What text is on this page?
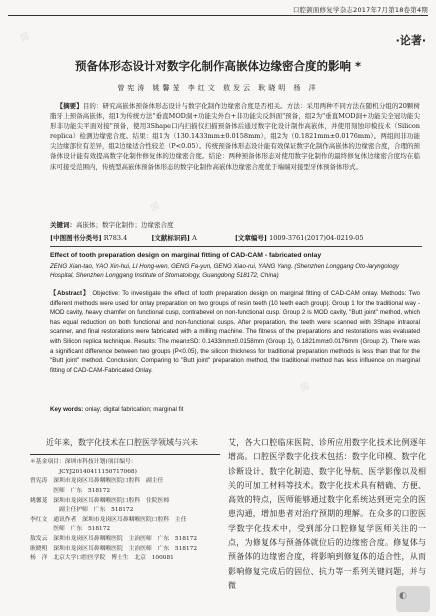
⊠
⊠
⊠
口腔颌面修复学杂志2017年7月第18卷第4期
·论著·
预备体形态设计对数字化制作高嵌体边缘密合度的影响 *
曾宪涛 姚馨茏 李红文 敖发云 耿晓明 杨 洋
【摘要】目的：研究高嵌体预备体形态设计与数字化制作边缘密合度是否相关。方法：采用两种不同方法在随机分组的20颗树脂牙上预备高嵌体，组1为传统方法"垂直MOD洞+功能尖外台+非功能尖反斜面"预备，组2为"垂直MOD洞+功能尖全冠功能尖形非功能尖平面对接"预备，使用3Shape口内扫描仪扫描预备体后通过数字化设计制作高嵌体，并使用刻蚀印模技术（Silicon replica）检测边缘密合度。结果：组1为（130.1433mm±0.0158mm），组2为（0.1821mm±0.0176mm）。两组间非功能尖边缘部位有差异，组2边缘适合性较差（P<0.05）。传统预备体形态设计能有效保证数字化制作高嵌体的边缘密合度，合理的预备体设计能有效提高数字化制作修复体的边缘密合度。结论：两种预备体形态对使用数字化制作的最终修复体边缘密合度均在临床可接受范围内，传统型高嵌体预备体形态的数字化制作高嵌体边缘密合度优于端端对接型牙体预备体形式。
关键词：高嵌体；数字化制作；边缘密合度
[中图图书分类号] R783.4	[文献标识码] A	[文章编号] 1009-3761(2017)04-0219-05
Effect of tooth preparation design on marginal fitting of CAD-CAM - fabricated onlay
ZENG Xian-tao, YAO Xin-hui, LI Hong-wen, GENG Fa-yun, GENG Xiao-rui, YANG Yang. (Shenzhen Longgang Oto-laryngology Hospital, Shenzhen Longgang Institute of Stomatology, Guangdong 518172, China)
【Abstract】 Objective: To investigate the effect of tooth preparation design on marginal fitting of CAD-CAM onlay. Methods: Two different methods were used for onlay preparation on two groups of resin teeth (10 teeth each group). Group 1 for the traditional way - MOD cavity, heavy chamfer on functional cusp, contrabevel on non-functional cusp. Group 2 is MOD cavity, "Butt joint" method, which has equal reduction on both functional and non-functional cusps. After preparation, the teeth were scanned with 3Shape intraoral scanner, and final restorations were fabricated with a milling machine. The fitness of the preparations and restorations was evaluated with Silicon replica technique. Results: The mean±SD: 0.1433mm±0.0158mm (Group 1), 0.1821mm±0.0176mm (Group 2). There was a significant difference between two groups (P<0.05), the silicon thickness for traditional preparation methods is less than that for the "Butt joint" method. Conclusion: Comparing to "Butt joint" preparation method, the traditional method has less influence on marginal fitting of CAD-CAM-Fabricated Onlay.
Key words: onlay; digital fabrication; marginal fit

近年来，数字化技术在口腔医学领域与兴未

＊基金项目：深圳市科技计划(项目编号：

　　　　　JCYJ20140411150717068)

曾宪涛　深圳市龙岗区耳鼻咽喉医院口腔科　副主任

　　　　医师　广东　518172

姚馨茏　深圳市龙岗区耳鼻咽喉医院口腔科　住院医师

　　　　　副主任护师　广东　518172

李红文　通讯作者　深圳市龙岗区耳鼻咽喉医院口腔科　主任

　　　　医师　广东　518172

敖发云　深圳市龙岗区耳鼻咽喉医院　主治医师　广东　518172

耿晓明　深圳市龙岗区耳鼻咽喉医院　主治医师　广东　518172

杨　洋　北京大学口腔医学院　博士生　北京　100081

艾，各大口腔临床医院、诊所应用数字化技术比例逐年增高。口腔医学数字化技术包括：数字化印模、数字化诊断设计、数字化制造、数字化导航、医学影像以及相关的可加工材料等技术。数字化技术具有精确、方便、高效的特点，医师能够通过数字化系统达到更完全的医患沟通，增加患者对治疗预期的理解。在众多的口腔医学数字化技术中，受到部分口腔修复学医师关注的一点，为修复体与预备体就位后的边缘密合度。修复体与预备体的边缘密合度，将影响到修复体的适合性，从而影响修复完成后的固位、抗力等一系列关键问题，并与微

◐
